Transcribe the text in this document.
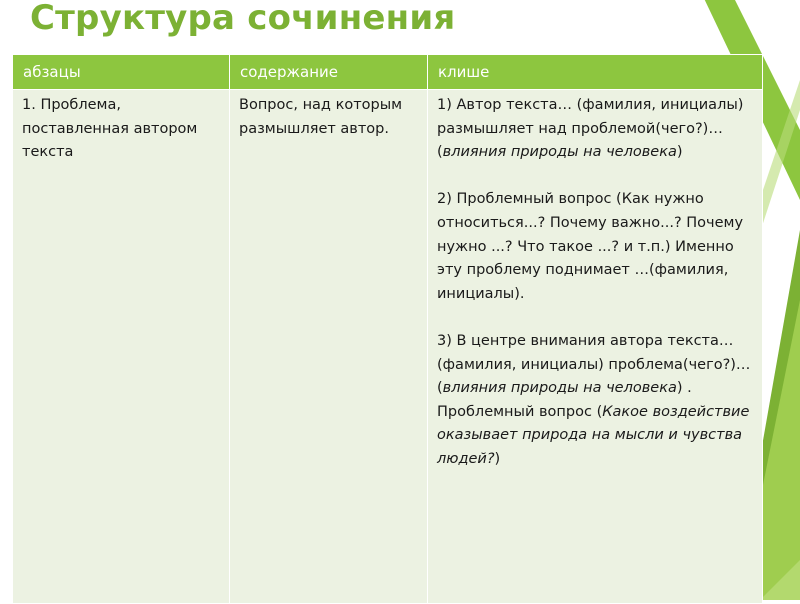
Структура сочинения
абзацы	содержание	клише
1. Проблема, поставленная автором текста	Вопрос, над которым размышляет автор.	1) Автор текста… (фамилия, инициалы) размышляет над проблемой(чего?)… (влияния природы на человека)
2) Проблемный вопрос (Как нужно относиться...? Почему важно...? Почему нужно ...? Что такое ...? и т.п.) Именно эту проблему поднимает …(фамилия, инициалы).
3) В центре внимания автора текста… (фамилия, инициалы) проблема(чего?)… (влияния природы на человека) . Проблемный вопрос (Какое воздействие оказывает природа на мысли и чувства людей?)
